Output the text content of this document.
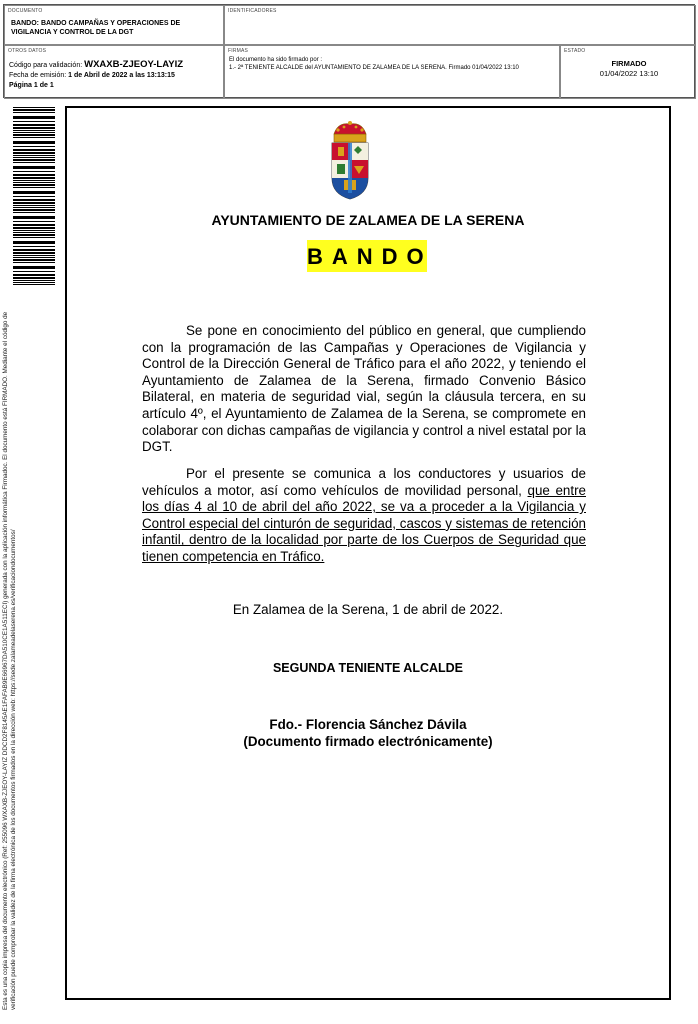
DOCUMENTO
BANDO: BANDO CAMPAÑAS Y OPERACIONES DE VIGILANCIA Y CONTROL DE LA DGT
IDENTIFICADORES
OTROS DATOS
Código para validación: WXAXB-ZJEOY-LAYIZ
Fecha de emisión: 1 de Abril de 2022 a las 13:13:15
Página 1 de 1
FIRMAS
El documento ha sido firmado por :
1.- 2ª TENIENTE ALCALDE del AYUNTAMIENTO DE ZALAMEA DE LA SERENA. Firmado 01/04/2022 13:10
ESTADO
FIRMADO
01/04/2022 13:10
Esta es una copia impresa del documento electrónico (Ref: 255096 WXAXB-ZJEOY-LAYIZ DDCD2F8145AE1FAFAB9E66967DA510CE1A511ECI) generada con la aplicación informática Firmadoc. El documento está FIRMADO. Mediante el código de verificación puede comprobar la validez de la firma electrónica de los documentos firmados en la dirección web: https://sede.zalameadelaserena.es/verificaciondocumentos/
AYUNTAMIENTO DE ZALAMEA DE LA SERENA
BANDO
Se pone en conocimiento del público en general, que cumpliendo con la programación de las Campañas y Operaciones de Vigilancia y Control de la Dirección General de Tráfico para el año 2022, y teniendo el Ayuntamiento de Zalamea de la Serena, firmado Convenio Básico Bilateral, en materia de seguridad vial, según la cláusula tercera, en su artículo 4º, el Ayuntamiento de Zalamea de la Serena, se compromete en colaborar con dichas campañas de vigilancia y control a nivel estatal por la DGT.
Por el presente se comunica a los conductores y usuarios de vehículos a motor, así como vehículos de movilidad personal, que entre los días 4 al 10 de abril del año 2022, se va a proceder a la Vigilancia y Control especial del cinturón de seguridad, cascos y sistemas de retención infantil, dentro de la localidad por parte de los Cuerpos de Seguridad que tienen competencia en Tráfico.
En Zalamea de la Serena, 1 de abril de 2022.
SEGUNDA TENIENTE ALCALDE
Fdo.- Florencia Sánchez Dávila
(Documento firmado electrónicamente)
